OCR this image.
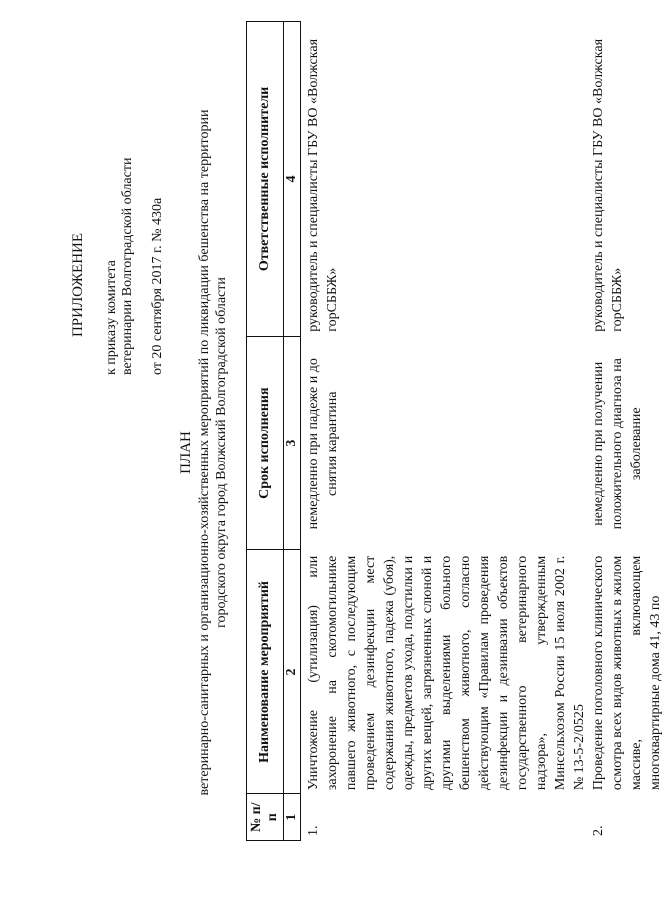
ПРИЛОЖЕНИЕ к приказу комитета ветеринарии Волгоградской области от 20 сентября 2017 г. № 430а
ПЛАН ветеринарно-санитарных и организационно-хозяйственных мероприятий по ликвидации бешенства на территории городского округа город Волжский Волгоградской области
№ п/п	Наименование мероприятий	Срок исполнения	Ответственные исполнители
1	2	3	4
1.	Уничтожение (утилизация) или захоронение на скотомогильнике павшего животного, с последующим проведением дезинфекции мест содержания животного, падежа (убоя), одежды, предметов ухода, подстилки и других вещей, загрязненных слюной и другими выделениями больного бешенством животного, согласно действующим «Правилам проведения дезинфекции и дезинвазии объектов государственного ветеринарного надзора», утвержденным Минсельхозом России 15 июля 2002 г. № 13-5-2/0525	немедленно при падеже и до снятия карантина	руководитель и специалисты ГБУ ВО «Волжская горСББЖ»
2.	Проведение поголовного клинического осмотра всех видов животных в жилом массиве, включающем многоквартирные дома 41, 43 по	немедленно при получении положительного диагноза на заболевание	руководитель и специалисты ГБУ ВО «Волжская горСББЖ»
